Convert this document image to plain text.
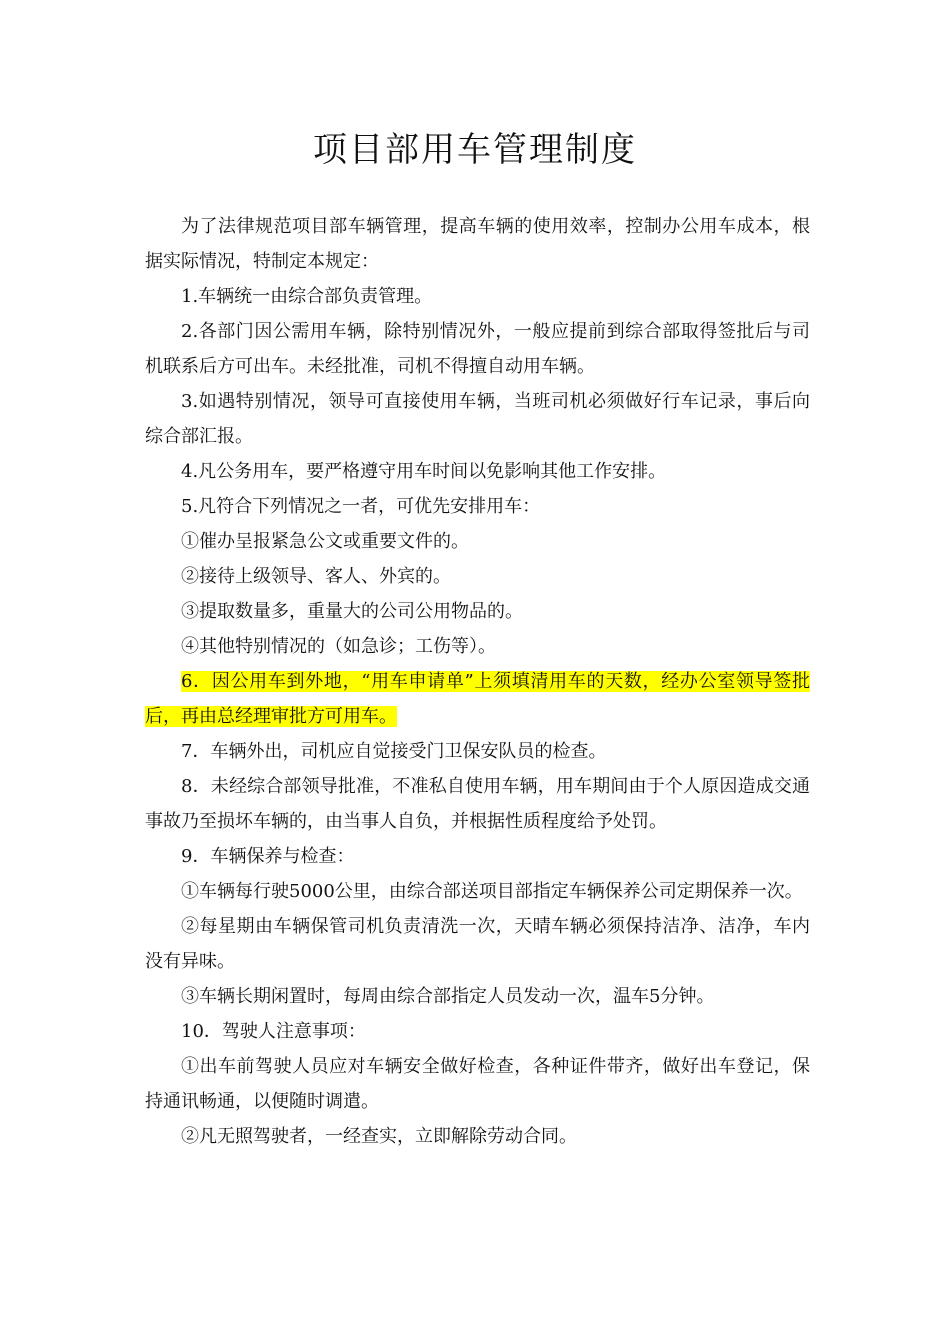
项目部用车管理制度

为了法律规范项目部车辆管理，提高车辆的使用效率，控制办公用车成本，根据实际情况，特制定本规定：

1.车辆统一由综合部负责管理。

2.各部门因公需用车辆，除特别情况外，一般应提前到综合部取得签批后与司机联系后方可出车。未经批准，司机不得擅自动用车辆。

3.如遇特别情况，领导可直接使用车辆，当班司机必须做好行车记录，事后向综合部汇报。

4.凡公务用车，要严格遵守用车时间以免影响其他工作安排。

5.凡符合下列情况之一者，可优先安排用车：

①催办呈报紧急公文或重要文件的。

②接待上级领导、客人、外宾的。

③提取数量多，重量大的公司公用物品的。

④其他特别情况的（如急诊；工伤等）。

6．因公用车到外地，“用车申请单”上须填清用车的天数，经办公室领导签批后，再由总经理审批方可用车。

7．车辆外出，司机应自觉接受门卫保安队员的检查。

8．未经综合部领导批准，不准私自使用车辆，用车期间由于个人原因造成交通事故乃至损坏车辆的，由当事人自负，并根据性质程度给予处罚。

9．车辆保养与检查：

①车辆每行驶5000公里，由综合部送项目部指定车辆保养公司定期保养一次。

②每星期由车辆保管司机负责清洗一次，天晴车辆必须保持洁净、洁净，车内没有异味。

③车辆长期闲置时，每周由综合部指定人员发动一次，温车5分钟。

10．驾驶人注意事项：

①出车前驾驶人员应对车辆安全做好检查，各种证件带齐，做好出车登记，保持通讯畅通，以便随时调遣。

②凡无照驾驶者，一经查实，立即解除劳动合同。
